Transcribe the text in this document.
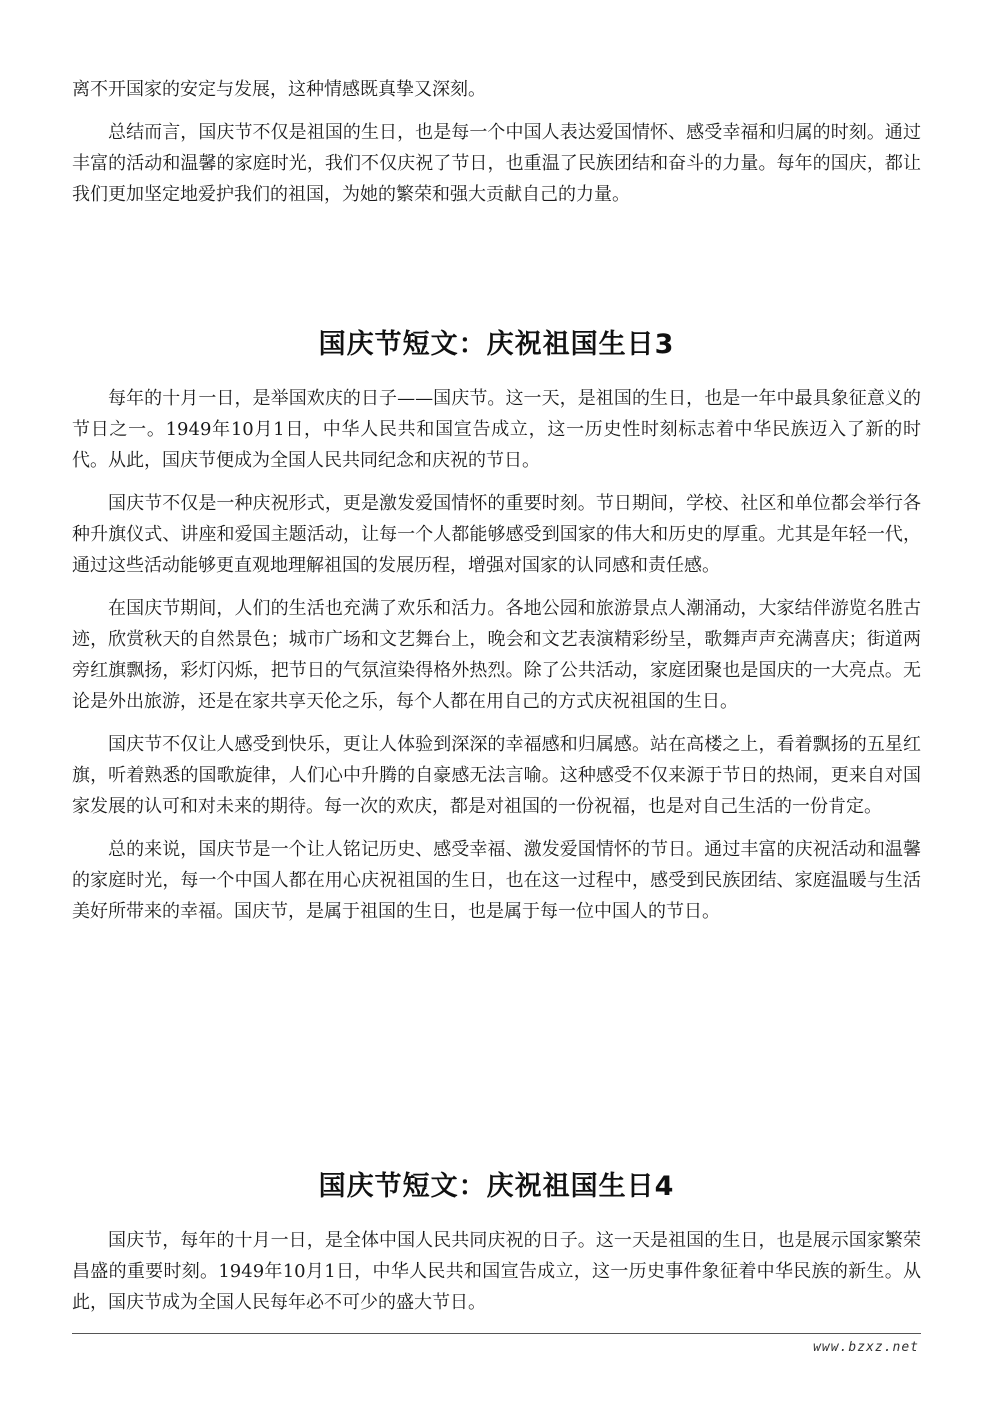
离不开国家的安定与发展，这种情感既真挚又深刻。

总结而言，国庆节不仅是祖国的生日，也是每一个中国人表达爱国情怀、感受幸福和归属的时刻。通过丰富的活动和温馨的家庭时光，我们不仅庆祝了节日，也重温了民族团结和奋斗的力量。每年的国庆，都让我们更加坚定地爱护我们的祖国，为她的繁荣和强大贡献自己的力量。

国庆节短文：庆祝祖国生日3

每年的十月一日，是举国欢庆的日子——国庆节。这一天，是祖国的生日，也是一年中最具象征意义的节日之一。1949年10月1日，中华人民共和国宣告成立，这一历史性时刻标志着中华民族迈入了新的时代。从此，国庆节便成为全国人民共同纪念和庆祝的节日。

国庆节不仅是一种庆祝形式，更是激发爱国情怀的重要时刻。节日期间，学校、社区和单位都会举行各种升旗仪式、讲座和爱国主题活动，让每一个人都能够感受到国家的伟大和历史的厚重。尤其是年轻一代，通过这些活动能够更直观地理解祖国的发展历程，增强对国家的认同感和责任感。

在国庆节期间，人们的生活也充满了欢乐和活力。各地公园和旅游景点人潮涌动，大家结伴游览名胜古迹，欣赏秋天的自然景色；城市广场和文艺舞台上，晚会和文艺表演精彩纷呈，歌舞声声充满喜庆；街道两旁红旗飘扬，彩灯闪烁，把节日的气氛渲染得格外热烈。除了公共活动，家庭团聚也是国庆的一大亮点。无论是外出旅游，还是在家共享天伦之乐，每个人都在用自己的方式庆祝祖国的生日。

国庆节不仅让人感受到快乐，更让人体验到深深的幸福感和归属感。站在高楼之上，看着飘扬的五星红旗，听着熟悉的国歌旋律，人们心中升腾的自豪感无法言喻。这种感受不仅来源于节日的热闹，更来自对国家发展的认可和对未来的期待。每一次的欢庆，都是对祖国的一份祝福，也是对自己生活的一份肯定。

总的来说，国庆节是一个让人铭记历史、感受幸福、激发爱国情怀的节日。通过丰富的庆祝活动和温馨的家庭时光，每一个中国人都在用心庆祝祖国的生日，也在这一过程中，感受到民族团结、家庭温暖与生活美好所带来的幸福。国庆节，是属于祖国的生日，也是属于每一位中国人的节日。

国庆节短文：庆祝祖国生日4

国庆节，每年的十月一日，是全体中国人民共同庆祝的日子。这一天是祖国的生日，也是展示国家繁荣昌盛的重要时刻。1949年10月1日，中华人民共和国宣告成立，这一历史事件象征着中华民族的新生。从此，国庆节成为全国人民每年必不可少的盛大节日。

www.bzxz.net
